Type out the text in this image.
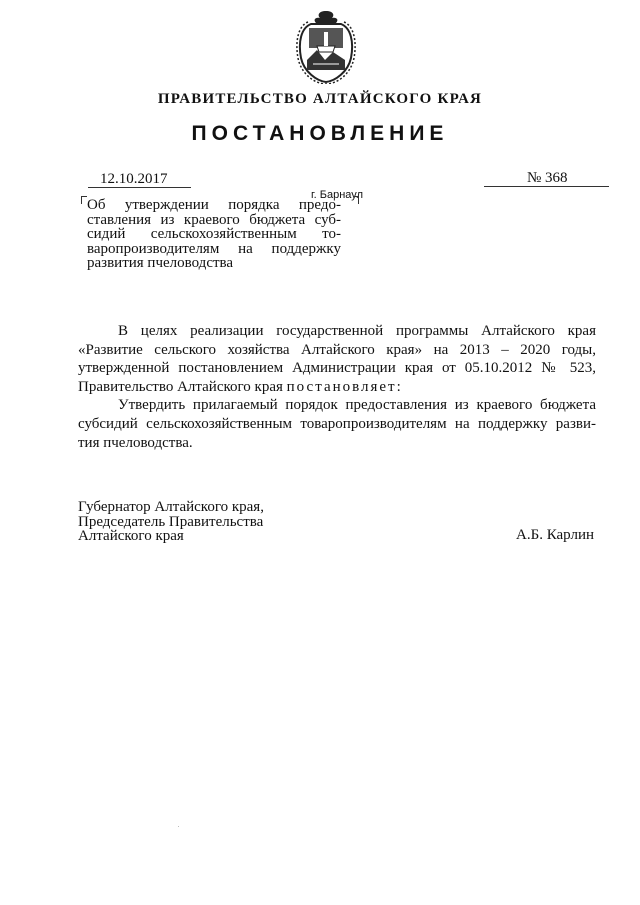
ПРАВИТЕЛЬСТВО АЛТАЙСКОГО КРАЯ
ПОСТАНОВЛЕНИЕ
12.10.2017	№ 368
г. Барнаул
Об утверждении порядка предо-
ставления из краевого бюджета суб-
сидий сельскохозяйственным то-
варопроизводителям на поддержку
развития пчеловодства
В целях реализации государственной программы Алтайского края
«Развитие сельского хозяйства Алтайского края» на 2013 – 2020 годы,
утвержденной постановлением Администрации края от 05.10.2012 № 523,
Правительство Алтайского края постановляет:
Утвердить прилагаемый порядок предоставления из краевого бюджета
субсидий сельскохозяйственным товаропроизводителям на поддержку разви-
тия пчеловодства.
Губернатор Алтайского края,
Председатель Правительства
Алтайского края	А.Б. Карлин
